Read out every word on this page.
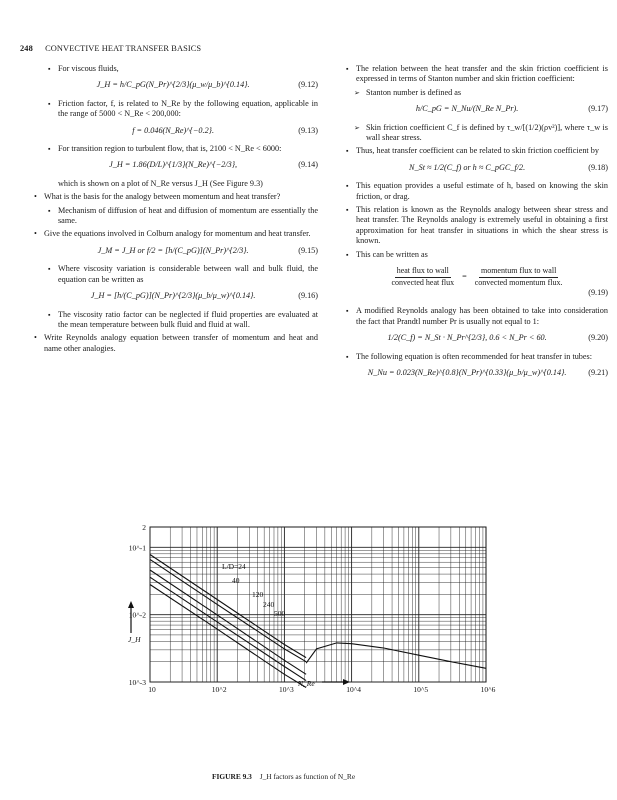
248 CONVECTIVE HEAT TRANSFER BASICS
▪ For viscous fluids,
J_H = h/C_pG(N_Pr)^{2/3}(μ_w/μ_b)^{0.14}.	(9.12)
▪ Friction factor, f, is related to N_Re by the following equation, applicable in the range of 5000 < N_Re < 200,000:
f = 0.046(N_Re)^{−0.2}.	(9.13)
▪ For transition region to turbulent flow, that is, 2100 < N_Re < 6000:
J_H = 1.86(D/L)^{1/3}(N_Re)^{−2/3},	(9.14)
which is shown on a plot of N_Re versus J_H (See Figure 9.3)
• What is the basis for the analogy between momentum and heat transfer?
▪ Mechanism of diffusion of heat and diffusion of momentum are essentially the same.
• Give the equations involved in Colburn analogy for momentum and heat transfer.
J_M = J_H or f/2 = [h/(C_pG)](N_Pr)^{2/3}.	(9.15)
▪ Where viscosity variation is considerable between wall and bulk fluid, the equation can be written as
J_H = [h/(C_pG)](N_Pr)^{2/3}(μ_b/μ_w)^{0.14}.	(9.16)
▪ The viscosity ratio factor can be neglected if fluid properties are evaluated at the mean temperature between bulk fluid and fluid at wall.
• Write Reynolds analogy equation between transfer of momentum and heat and name other analogies.
▪ The relation between the heat transfer and the skin friction coefficient is expressed in terms of Stanton number and skin friction coefficient:
➢ Stanton number is defined as
h/C_pG = N_Nu/(N_Re N_Pr).	(9.17)
➢ Skin friction coefficient C_f is defined by τ_w/[(1/2)(ρv²)], where τ_w is wall shear stress.
▪ Thus, heat transfer coefficient can be related to skin friction coefficient by
N_St ≈ 1/2(C_f) or h ≈ C_pGC_f/2.	(9.18)
▪ This equation provides a useful estimate of h, based on knowing the skin friction, or drag.
▪ This relation is known as the Reynolds analogy between shear stress and heat transfer. The Reynolds analogy is extremely useful in obtaining a first approximation for heat transfer in situations in which the shear stress is known.
▪ This can be written as
$\frac{\text{heat flux to wall}}{\text{convected heat flux}} = \frac{\text{momentum flux to wall}}{\text{convected momentum flux.}}$
(9.19)
▪ A modified Reynolds analogy has been obtained to take into consideration the fact that Prandtl number Pr is usually not equal to 1:
1/2(C_f) = N_St · N_Pr^{2/3}, 0.6 < N_Pr < 60.	(9.20)
▪ The following equation is often recommended for heat transfer in tubes:
N_Nu = 0.023(N_Re)^{0.8}(N_Pr)^{0.33}(μ_b/μ_w)^{0.14}.	(9.21)
L/D=24
40
120
240
500
10	10^2	10^3	10^4	10^5	10^6
10^-1
10^-2
10^-3
2
J_H
N_Re
FIGURE 9.3 J_H factors as function of N_Re
